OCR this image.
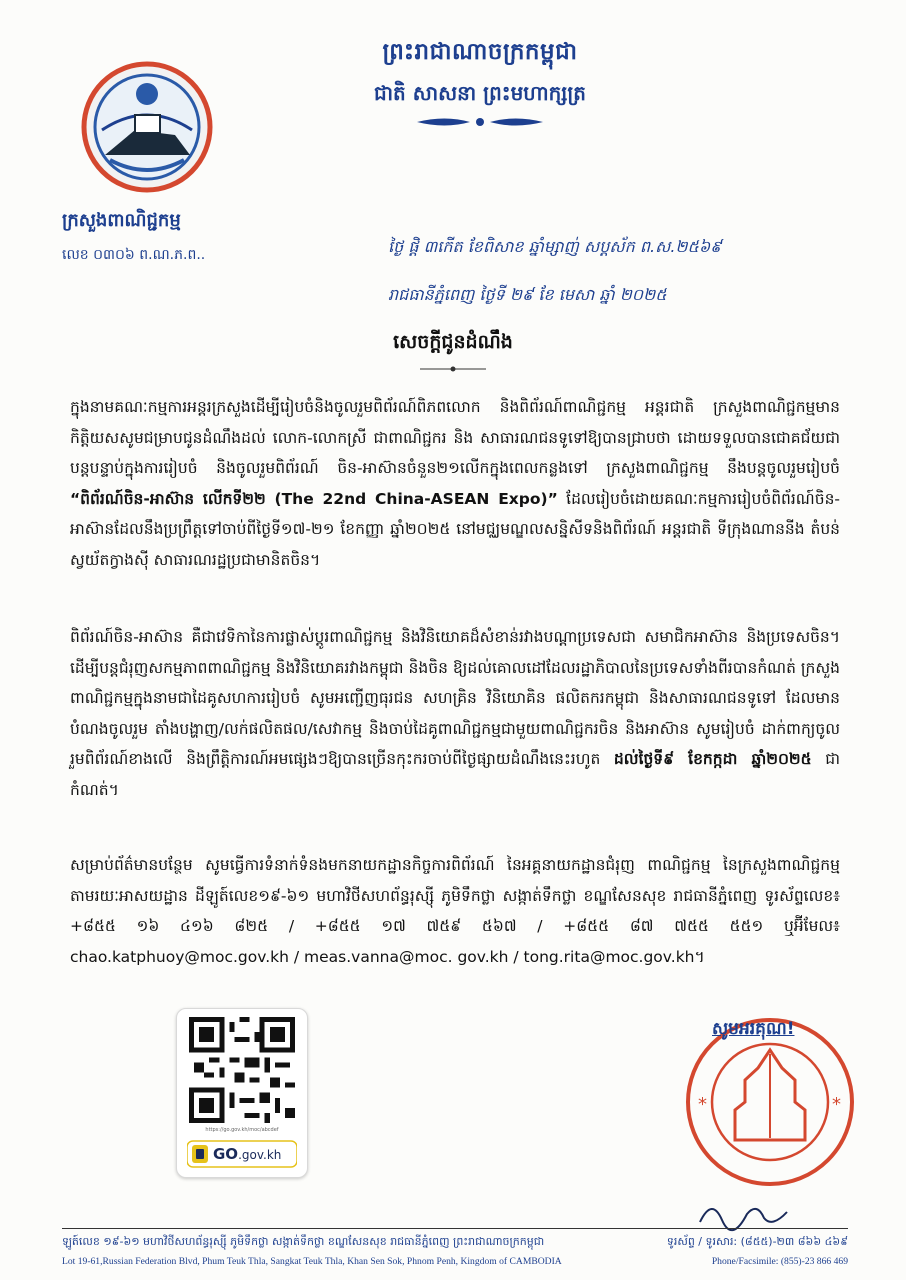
ព្រះរាជាណាចក្រកម្ពុជា
ជាតិ សាសនា ព្រះមហាក្សត្រ
ក្រសួងពាណិជ្ជកម្ម
លេខ ០៣០៦ ព.ណ.ភ.ព..	ថ្ងៃ ផ្តិ ៣កើត ខែពិសាខ ឆ្នាំម្សាញ់ សប្តស័ក ព.ស.២៥៦៩
រាជធានីភ្នំពេញ ថ្ងៃទី ២៩ ខែ មេសា ឆ្នាំ ២០២៥
សេចក្តីជូនដំណឹង
ក្នុងនាមគណៈកម្មការអន្តរក្រសួងដើម្បីរៀបចំនិងចូលរួមពិព័រណ៍ពិភពលោក និងពិព័រណ៍ពាណិជ្ជកម្ម អន្តរជាតិ ក្រសួងពាណិជ្ជកម្មមានកិត្តិយសសូមជម្រាបជូនដំណឹងដល់ លោក-លោកស្រី ជាពាណិជ្ជករ និង សាធារណជនទូទៅឱ្យបានជ្រាបថា ដោយទទួលបានជោគជ័យជាបន្តបន្ទាប់ក្នុងការរៀបចំ និងចូលរួមពិព័រណ៍ ចិន-អាស៊ានចំនួន២១លើកក្នុងពេលកន្លងទៅ ក្រសួងពាណិជ្ជកម្ម នឹងបន្តចូលរួមរៀបចំ “ពិព័រណ៍ចិន-អាស៊ាន លើកទី២២ (The 22nd China-ASEAN Expo)” ដែលរៀបចំដោយគណៈកម្មការរៀបចំពិព័រណ៍ចិន-អាស៊ានដែលនឹងប្រព្រឹត្តទៅចាប់ពីថ្ងៃទី១៧-២១ ខែកញ្ញា ឆ្នាំ២០២៥ នៅមជ្ឈមណ្ឌលសន្និសីទនិងពិព័រណ៍ អន្តរជាតិ ទីក្រុងណាននីង តំបន់ស្វយ័តក្វាងស៊ី សាធារណរដ្ឋប្រជាមានិតចិន។
ពិព័រណ៍ចិន-អាស៊ាន គឺជាវេទិកានៃការផ្លាស់ប្តូរពាណិជ្ជកម្ម និងវិនិយោគដ៏សំខាន់រវាងបណ្តាប្រទេសជា សមាជិកអាស៊ាន និងប្រទេសចិន។ ដើម្បីបន្តជំរុញសកម្មភាពពាណិជ្ជកម្ម និងវិនិយោគរវាងកម្ពុជា និងចិន ឱ្យដល់គោលដៅដែលរដ្ឋាភិបាលនៃប្រទេសទាំងពីរបានកំណត់ ក្រសួងពាណិជ្ជកម្មក្នុងនាមជាដៃគូសហការរៀបចំ សូមអញ្ជើញធុរជន សហគ្រិន វិនិយោគិន ផលិតករកម្ពុជា និងសាធារណជនទូទៅ ដែលមានបំណងចូលរួម តាំងបង្ហាញ/លក់ផលិតផល/សេវាកម្ម និងចាប់ដៃគូពាណិជ្ជកម្មជាមួយពាណិជ្ជករចិន និងអាស៊ាន សូមរៀបចំ ដាក់ពាក្យចូលរួមពិព័រណ៍ខាងលើ និងព្រឹត្តិការណ៍អមផ្សេងៗឱ្យបានច្រើនកុះករចាប់ពីថ្ងៃផ្សាយដំណឹងនេះរហូត ដល់ថ្ងៃទី៩ ខែកក្កដា ឆ្នាំ២០២៥ ជាកំណត់។
សម្រាប់ព័ត៌មានបន្ថែម សូមធ្វើការទំនាក់ទំនងមកនាយកដ្ឋានកិច្ចការពិព័រណ៍ នៃអគ្គនាយកដ្ឋានជំរុញ ពាណិជ្ជកម្ម នៃក្រសួងពាណិជ្ជកម្ម តាមរយៈអាសយដ្ឋាន ដីឡូត៍លេខ១៩-៦១ មហាវិថីសហព័ន្ធរុស្ស៊ី ភូមិទឹកថ្លា សង្កាត់ទឹកថ្លា ខណ្ឌសែនសុខ រាជធានីភ្នំពេញ ទូរស័ព្ទលេខ៖ +៨៥៥ ១៦ ៤១៦ ៨២៥ / +៨៥៥ ១៧ ៧៥៩ ៥៦៧ / +៨៥៥ ៨៧ ៧៥៥ ៥៥១ ឬអ៊ីមែល៖ chao.katphuoy@moc.gov.kh / meas.vanna@moc. gov.kh / tong.rita@moc.gov.kh។
https://go.gov.kh/moc/abcdef
GO.gov.kh
*	*
សូមអរគុណ!
ឡូត៍លេខ ១៩-៦១ មហាវិថីសហព័ន្ធរុស្ស៊ី ភូមិទឹកថ្លា សង្កាត់ទឹកថ្លា ខណ្ឌសែនសុខ រាជធានីភ្នំពេញ ព្រះរាជាណាចក្រកម្ពុជា	ទូរស័ព្ទ / ទូរសារ: (៨៥៥)-២៣ ៨៦៦ ៤៦៩
Lot 19-61,Russian Federation Blvd, Phum Teuk Thla, Sangkat Teuk Thla, Khan Sen Sok, Phnom Penh, Kingdom of CAMBODIA	Phone/Facsimile: (855)-23 866 469
